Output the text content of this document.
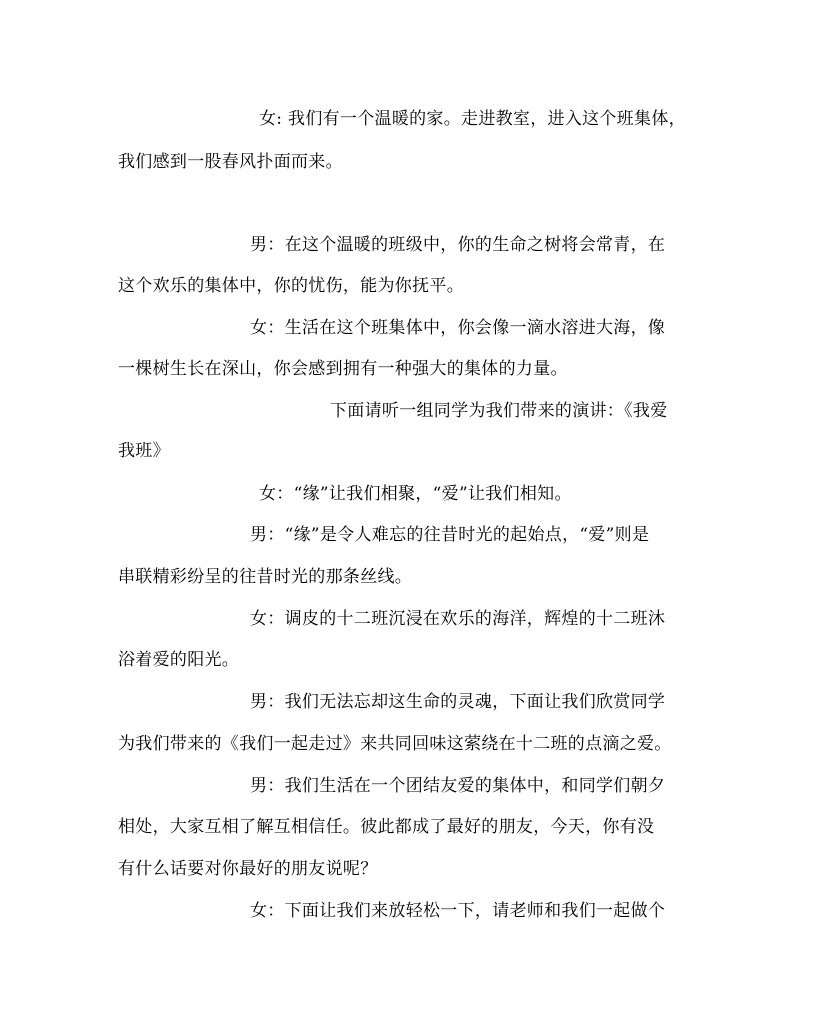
女: 我们有一个温暖的家。走进教室，进入这个班集体，
我们感到一股春风扑面而来。
男：在这个温暖的班级中，你的生命之树将会常青，在
这个欢乐的集体中，你的忧伤，能为你抚平。
女：生活在这个班集体中，你会像一滴水溶进大海，像
一棵树生长在深山，你会感到拥有一种强大的集体的力量。
下面请听一组同学为我们带来的演讲：《我爱
我班》
女：“缘”让我们相聚，“爱”让我们相知。
男：“缘”是令人难忘的往昔时光的起始点，“爱”则是
串联精彩纷呈的往昔时光的那条丝线。
女：调皮的十二班沉浸在欢乐的海洋，辉煌的十二班沐
浴着爱的阳光。
男：我们无法忘却这生命的灵魂，下面让我们欣赏同学
为我们带来的《我们一起走过》来共同回味这萦绕在十二班的点滴之爱。
男：我们生活在一个团结友爱的集体中，和同学们朝夕
相处，大家互相了解互相信任。彼此都成了最好的朋友，今天，你有没
有什么话要对你最好的朋友说呢？
女：下面让我们来放轻松一下，请老师和我们一起做个
